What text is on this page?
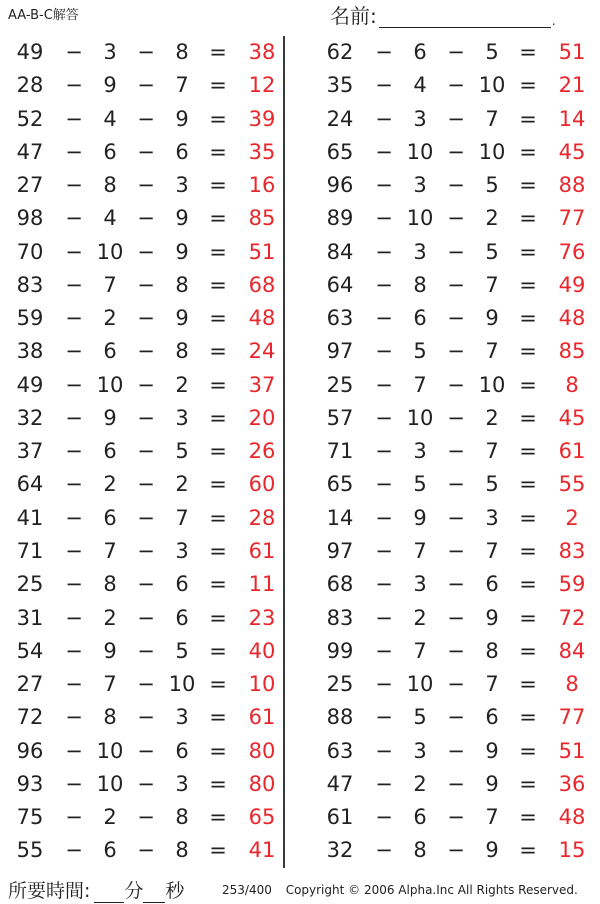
AA-B-C解答	名前:	.
49	− 3 − 8 =	38
28	− 9 − 7 =	12
52	− 4 − 9 =	39
47	− 6 − 6 =	35
27	− 8 − 3 =	16
98	− 4 − 9 =	85
70	− 10 − 9 =	51
83	− 7 − 8 =	68
59	− 2 − 9 =	48
38	− 6 − 8 =	24
49	− 10 − 2 =	37
32	− 9 − 3 =	20
37	− 6 − 5 =	26
64	− 2 − 2 =	60
41	− 6 − 7 =	28
71	− 7 − 3 =	61
25	− 8 − 6 =	11
31	− 2 − 6 =	23
54	− 9 − 5 =	40
27	− 7 − 10 =	10
72	− 8 − 3 =	61
96	− 10 − 6 =	80
93	− 10 − 3 =	80
75	− 2 − 8 =	65
55	− 6 − 8 =	41
62	− 6 − 5 =	51
35	− 4 − 10 =	21
24	− 3 − 7 =	14
65	− 10 − 10 =	45
96	− 3 − 5 =	88
89	− 10 − 2 =	77
84	− 3 − 5 =	76
64	− 8 − 7 =	49
63	− 6 − 9 =	48
97	− 5 − 7 =	85
25	− 7 − 10 =	8
57	− 10 − 2 =	45
71	− 3 − 7 =	61
65	− 5 − 5 =	55
14	− 9 − 3 =	2
97	− 7 − 7 =	83
68	− 3 − 6 =	59
83	− 2 − 9 =	72
99	− 7 − 8 =	84
25	− 10 − 7 =	8
88	− 5 − 6 =	77
63	− 3 − 9 =	51
47	− 2 − 9 =	36
61	− 6 − 7 =	48
32	− 8 − 9 =	15
所要時間: 分 秒	253/400 Copyright © 2006 Alpha.Inc All Rights Reserved.
